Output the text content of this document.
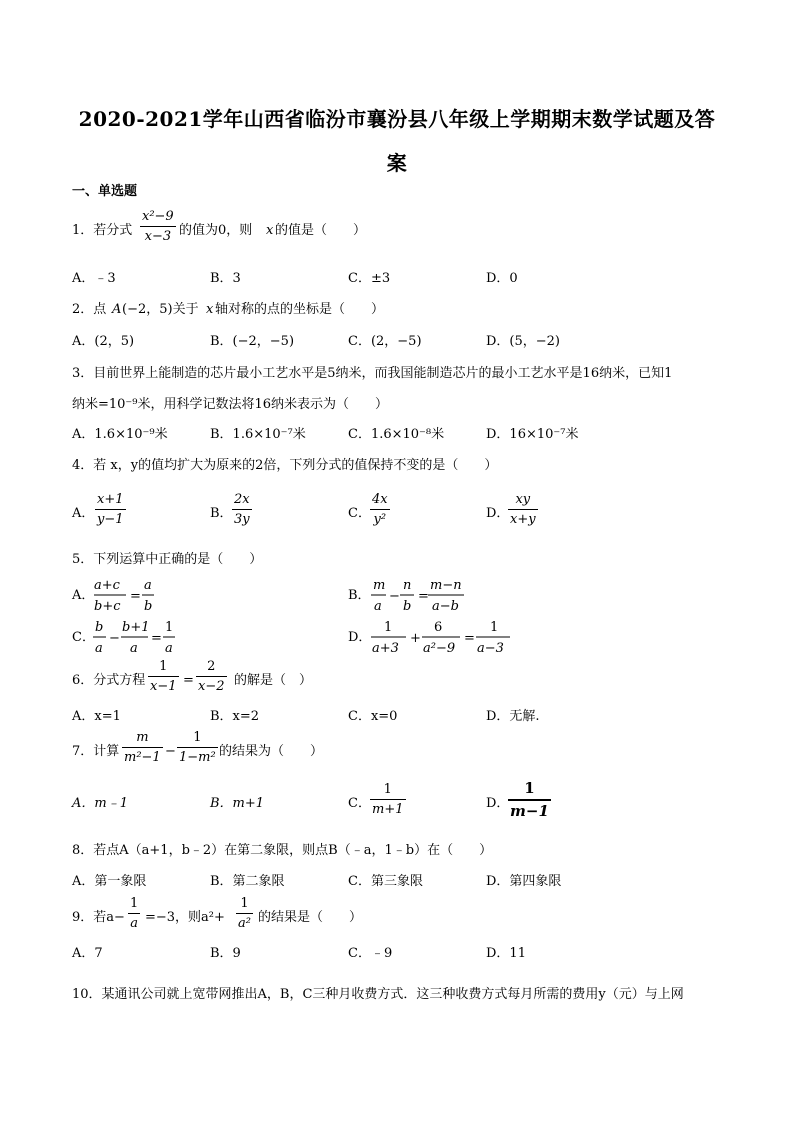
2020-2021学年山西省临汾市襄汾县八年级上学期期末数学试题及答
案
一、单选题
1．若分式
x²−9
x−3 的值为0，则 x 的值是（　　）
A．﹣3	B．3	C．±3	D．0
2．点 A (−2，5)关于 x 轴对称的点的坐标是（　　）
A．(2，5)	B．(−2，−5)	C．(2，−5)	D．(5，−2)
3．目前世界上能制造的芯片最小工艺水平是5纳米，而我国能制造芯片的最小工艺水平是16纳米，已知1
纳米=10⁻⁹米，用科学记数法将16纳米表示为（　　）
A．1.6×10⁻⁹米	B．1.6×10⁻⁷米	C．1.6×10⁻⁸米	D．16×10⁻⁷米
4．若 x，y的值均扩大为原来的2倍，下列分式的值保持不变的是（　　）
A．
x+1
y−1	B．
2x
3y	C．
4x
y²	D．
xy
x+y
5．下列运算中正确的是（　　）
A．
a+c
b+c
=
a
b
B．
m
a
−
n
b
=
m−n
a−b
C．
b
a
−
b+1
a
=
1
a
D．
1
a+3
+
6
a²−9
=
1
a−3
6．分式方程
1
x−1 =
2
x−2 的解是（　）
A．x=1	B．x=2	C．x=0	D．无解.
7．计算
m
m²−1 −
1
1−m² 的结果为（　　）
A．m﹣1	B．m+1	C．
1
m+1	D．
1
m−1
8．若点A（a+1，b﹣2）在第二象限，则点B（﹣a，1﹣b）在（　　）
A．第一象限	B．第二象限	C．第三象限	D．第四象限
9．若a−
1
a =−3，则a²+
1
a² 的结果是（　　）
A．7	B．9	C．﹣9	D．11
10．某通讯公司就上宽带网推出A，B，C三种月收费方式．这三种收费方式每月所需的费用y（元）与上网
